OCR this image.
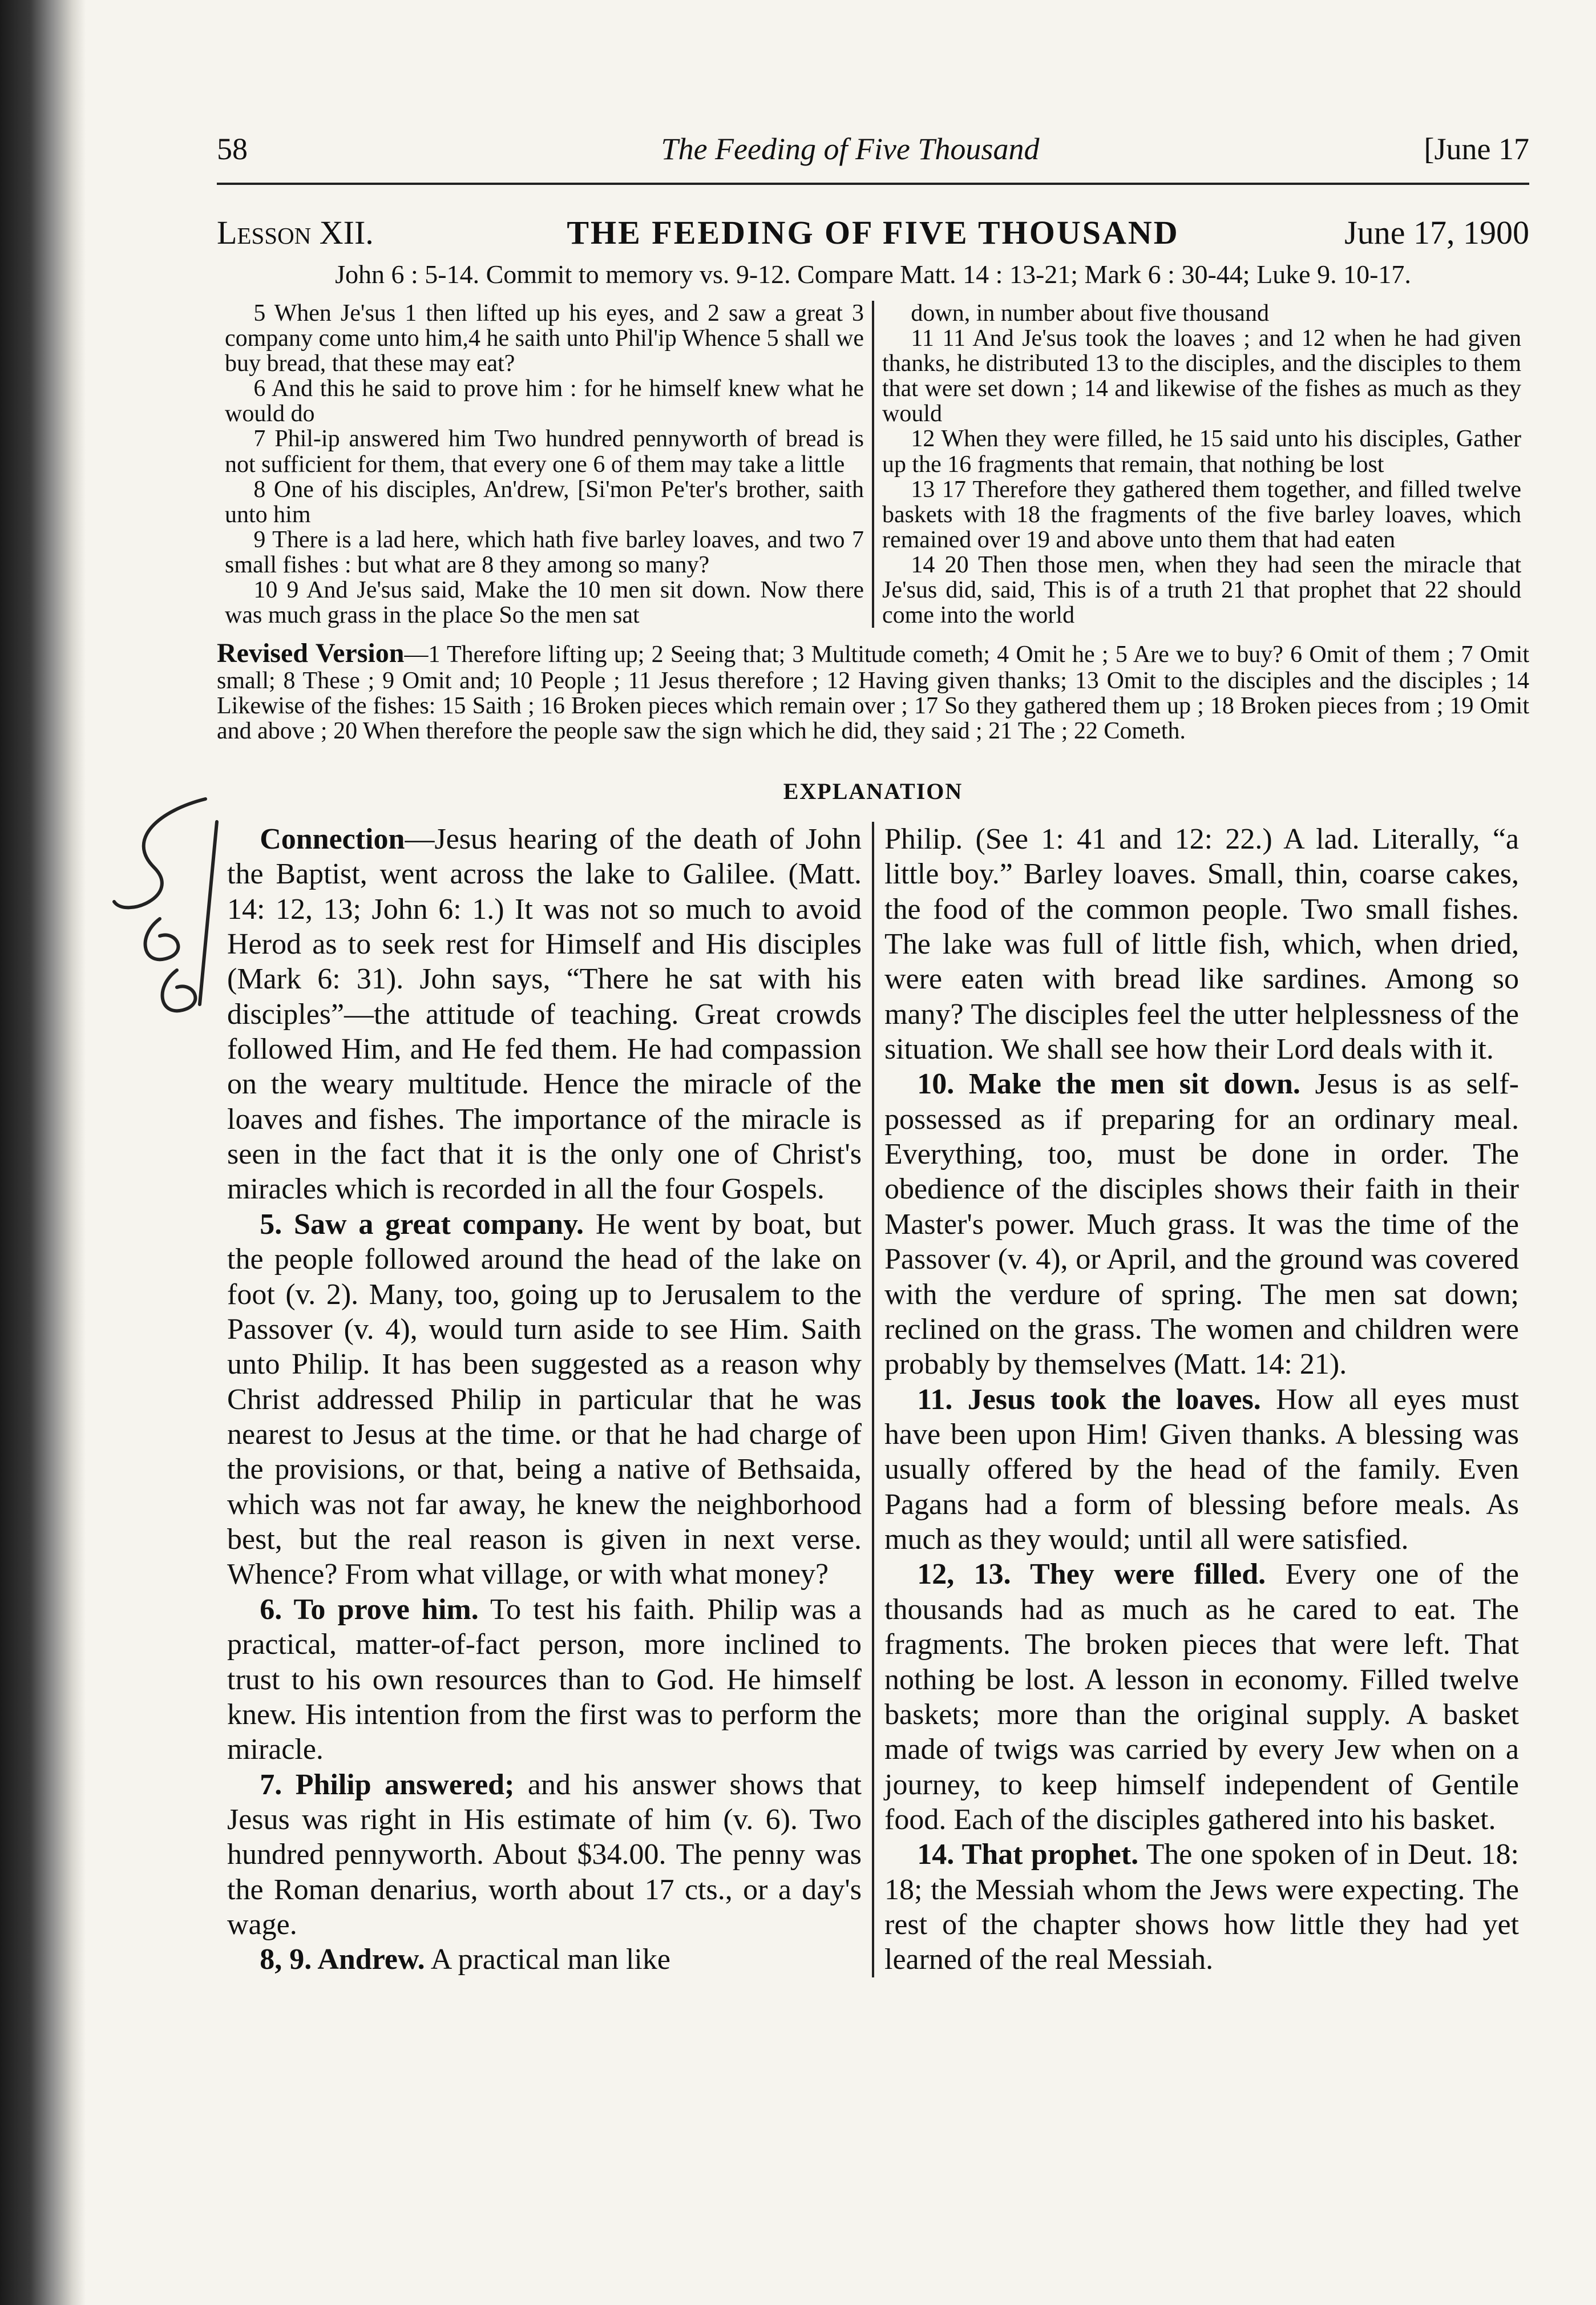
58	The Feeding of Five Thousand	[June 17
Lesson XII.	THE FEEDING OF FIVE THOUSAND	June 17, 1900
John 6 : 5-14. Commit to memory vs. 9-12. Compare Matt. 14 : 13-21; Mark 6 : 30-44; Luke 9. 10-17.

5 When Je'sus 1 then lifted up his eyes, and 2 saw a great 3 company come unto him,4 he saith unto Phil'ip Whence 5 shall we buy bread, that these may eat?

6 And this he said to prove him : for he himself knew what he would do

7 Phil-ip answered him Two hundred pennyworth of bread is not sufficient for them, that every one 6 of them may take a little

8 One of his disciples, An'drew, [Si'mon Pe'ter's brother, saith unto him

9 There is a lad here, which hath five barley loaves, and two 7 small fishes : but what are 8 they among so many?

10 9 And Je'sus said, Make the 10 men sit down. Now there was much grass in the place So the men sat

down, in number about five thousand

11 11 And Je'sus took the loaves ; and 12 when he had given thanks, he distributed 13 to the disciples, and the disciples to them that were set down ; 14 and likewise of the fishes as much as they would

12 When they were filled, he 15 said unto his disciples, Gather up the 16 fragments that remain, that nothing be lost

13 17 Therefore they gathered them together, and filled twelve baskets with 18 the fragments of the five barley loaves, which remained over 19 and above unto them that had eaten

14 20 Then those men, when they had seen the miracle that Je'sus did, said, This is of a truth 21 that prophet that 22 should come into the world

Revised Version—1 Therefore lifting up; 2 Seeing that; 3 Multitude cometh; 4 Omit he ; 5 Are we to buy? 6 Omit of them ; 7 Omit small; 8 These ; 9 Omit and; 10 People ; 11 Jesus therefore ; 12 Having given thanks; 13 Omit to the disciples and the disciples ; 14 Likewise of the fishes: 15 Saith ; 16 Broken pieces which remain over ; 17 So they gathered them up ; 18 Broken pieces from ; 19 Omit and above ; 20 When therefore the people saw the sign which he did, they said ; 21 The ; 22 Cometh.
EXPLANATION

Connection—Jesus hearing of the death of John the Baptist, went across the lake to Galilee. (Matt. 14: 12, 13; John 6: 1.) It was not so much to avoid Herod as to seek rest for Himself and His disciples (Mark 6: 31). John says, “There he sat with his disciples”—the attitude of teaching. Great crowds followed Him, and He fed them. He had compassion on the weary multitude. Hence the miracle of the loaves and fishes. The importance of the miracle is seen in the fact that it is the only one of Christ's miracles which is recorded in all the four Gospels.

5. Saw a great company. He went by boat, but the people followed around the head of the lake on foot (v. 2). Many, too, going up to Jerusalem to the Passover (v. 4), would turn aside to see Him. Saith unto Philip. It has been suggested as a reason why Christ addressed Philip in particular that he was nearest to Jesus at the time. or that he had charge of the provisions, or that, being a native of Bethsaida, which was not far away, he knew the neighborhood best, but the real reason is given in next verse. Whence? From what village, or with what money?

6. To prove him. To test his faith. Philip was a practical, matter-of-fact person, more inclined to trust to his own resources than to God. He himself knew. His intention from the first was to perform the miracle.

7. Philip answered; and his answer shows that Jesus was right in His estimate of him (v. 6). Two hundred pennyworth. About $34.00. The penny was the Roman denarius, worth about 17 cts., or a day's wage.

8, 9. Andrew. A practical man like

Philip. (See 1: 41 and 12: 22.) A lad. Literally, “a little boy.” Barley loaves. Small, thin, coarse cakes, the food of the common people. Two small fishes. The lake was full of little fish, which, when dried, were eaten with bread like sardines. Among so many? The disciples feel the utter helplessness of the situation. We shall see how their Lord deals with it.

10. Make the men sit down. Jesus is as self-possessed as if preparing for an ordinary meal. Everything, too, must be done in order. The obedience of the disciples shows their faith in their Master's power. Much grass. It was the time of the Passover (v. 4), or April, and the ground was covered with the verdure of spring. The men sat down; reclined on the grass. The women and children were probably by themselves (Matt. 14: 21).

11. Jesus took the loaves. How all eyes must have been upon Him! Given thanks. A blessing was usually offered by the head of the family. Even Pagans had a form of blessing before meals. As much as they would; until all were satisfied.

12, 13. They were filled. Every one of the thousands had as much as he cared to eat. The fragments. The broken pieces that were left. That nothing be lost. A lesson in economy. Filled twelve baskets; more than the original supply. A basket made of twigs was carried by every Jew when on a journey, to keep himself independent of Gentile food. Each of the disciples gathered into his basket.

14. That prophet. The one spoken of in Deut. 18: 18; the Messiah whom the Jews were expecting. The rest of the chapter shows how little they had yet learned of the real Messiah.
